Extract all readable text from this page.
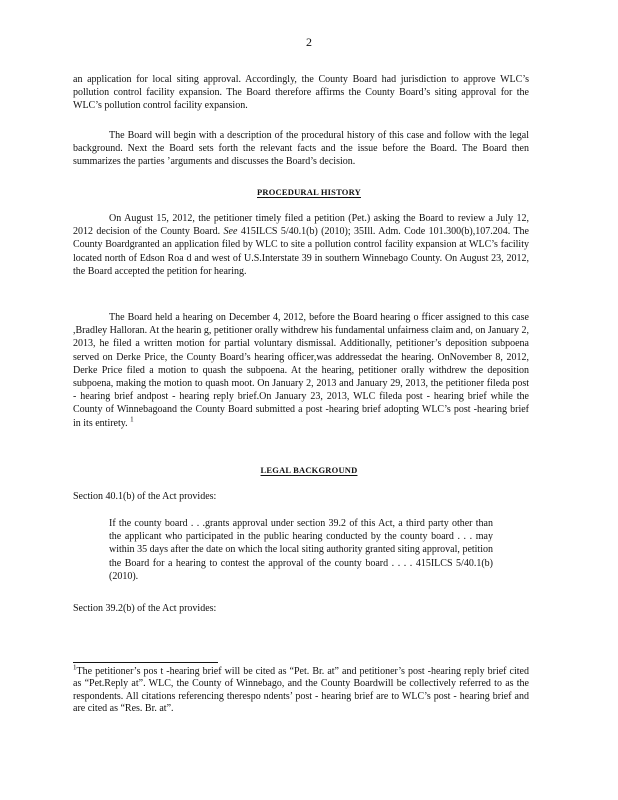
2

an application for local siting approval. Accordingly, the County Board had jurisdiction to approve WLC’s pollution control facility expansion. The Board therefore affirms the County Board’s siting approval for the WLC’s pollution control facility expansion.

The Board will begin with a description of the procedural history of this case and follow with the legal background. Next the Board sets forth the relevant facts and the issue before the Board. The Board then summarizes the parties ’arguments and discusses the Board’s decision.

PROCEDURAL HISTORY

On August 15, 2012, the petitioner timely filed a petition (Pet.) asking the Board to review a July 12, 2012 decision of the County Board. See 415ILCS 5/40.1(b) (2010); 35Ill. Adm. Code 101.300(b),107.204. The County Boardgranted an application filed by WLC to site a pollution control facility expansion at WLC’s facility located north of Edson Roa d and west of U.S.Interstate 39 in southern Winnebago County. On August 23, 2012, the Board accepted the petition for hearing.

The Board held a hearing on December 4, 2012, before the Board hearing o fficer assigned to this case ,Bradley Halloran. At the hearin g, petitioner orally withdrew his fundamental unfairness claim and, on January 2, 2013, he filed a written motion for partial voluntary dismissal. Additionally, petitioner’s deposition subpoena served on Derke Price, the County Board’s hearing officer,was addressedat the hearing. OnNovember 8, 2012, Derke Price filed a motion to quash the subpoena. At the hearing, petitioner orally withdrew the deposition subpoena, making the motion to quash moot. On January 2, 2013 and January 29, 2013, the petitioner fileda post - hearing brief andpost - hearing reply brief.On January 23, 2013, WLC fileda post - hearing brief while the County of Winnebagoand the County Board submitted a post -hearing brief adopting WLC’s post -hearing brief in its entirety. $^1$

LEGAL BACKGROUND

Section 40.1(b) of the Act provides:

If the county board . . .grants approval under section 39.2 of this Act, a third party other than the applicant who participated in the public hearing conducted by the county board . . . may within 35 days after the date on which the local siting authority granted siting approval, petition the Board for a hearing to contest the approval of the county board . . . . 415ILCS 5/40.1(b) (2010).

Section 39.2(b) of the Act provides:

$^1$The petitioner’s pos t -hearing brief will be cited as “Pet. Br. at” and petitioner’s post -hearing reply brief cited as “Pet.Reply at”. WLC, the County of Winnebago, and the County Boardwill be collectively referred to as the respondents. All citations referencing therespo ndents’ post - hearing brief are to WLC’s post - hearing brief and are cited as “Res. Br. at”.
